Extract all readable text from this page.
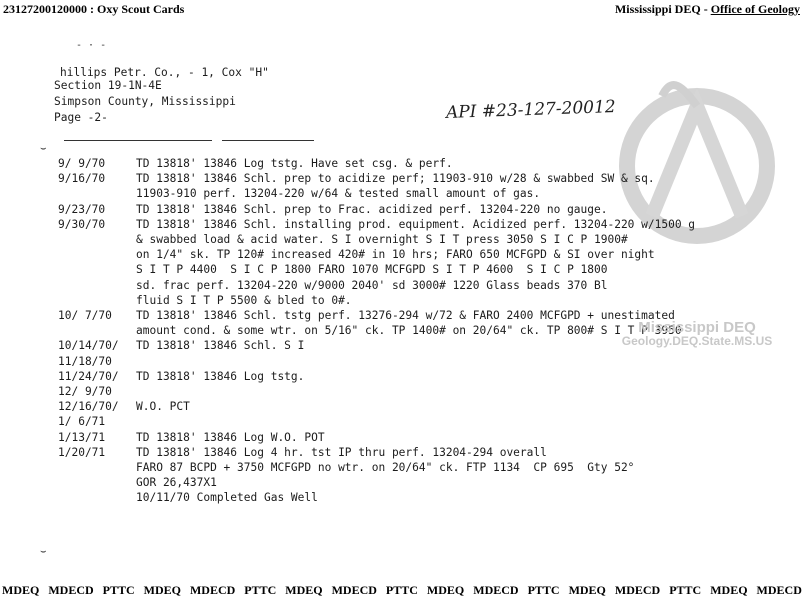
23127200120000 : Oxy Scout Cards	Mississippi DEQ - Office of Geology
- · -
hillips Petr. Co., - 1, Cox "H"
Section 19-1N-4E
Simpson County, Mississippi
Page -2-	API #23-127-20012
⌣
⌣
9/ 9/70	TD 13818' 13846 Log tstg. Have set csg. & perf.
9/16/70	TD 13818' 13846 Schl. prep to acidize perf; 11903-910 w/28 & swabbed SW & sq.
11903-910 perf. 13204-220 w/64 & tested small amount of gas.
9/23/70	TD 13818' 13846 Schl. prep to Frac. acidized perf. 13204-220 no gauge.
9/30/70	TD 13818' 13846 Schl. installing prod. equipment. Acidized perf. 13204-220 w/1500 g
& swabbed load & acid water. S I overnight S I T press 3050 S I C P 1900#
on 1/4" sk. TP 120# increased 420# in 10 hrs; FARO 650 MCFGPD & SI over night
S I T P 4400  S I C P 1800 FARO 1070 MCFGPD S I T P 4600  S I C P 1800
sd. frac perf. 13204-220 w/9000 2040' sd 3000# 1220 Glass beads 370 Bl
fluid S I T P 5500 & bled to 0#.
10/ 7/70 TD 13818' 13846 Schl. tstg perf. 13276-294 w/72 & FARO 2400 MCFGPD + unestimated
amount cond. & some wtr. on 5/16" ck. TP 1400# on 20/64" ck. TP 800# S I T P 3950
10/14/70/ TD 13818' 13846 Schl. S I
11/18/70
11/24/70/ TD 13818' 13846 Log tstg.
12/ 9/70
12/16/70/ W.O. PCT
1/ 6/71
1/13/71	TD 13818' 13846 Log W.O. POT
1/20/71	TD 13818' 13846 Log 4 hr. tst IP thru perf. 13204-294 overall
FARO 87 BCPD + 3750 MCFGPD no wtr. on 20/64" ck. FTP 1134  CP 695  Gty 52°
GOR 26,437X1
10/11/70 Completed Gas Well
Mississippi DEQ
Geology.DEQ.State.MS.US
MDEQ MDECD PTTC MDEQ MDECD PTTC MDEQ MDECD PTTC MDEQ MDECD PTTC MDEQ MDECD PTTC MDEQ MDECD
